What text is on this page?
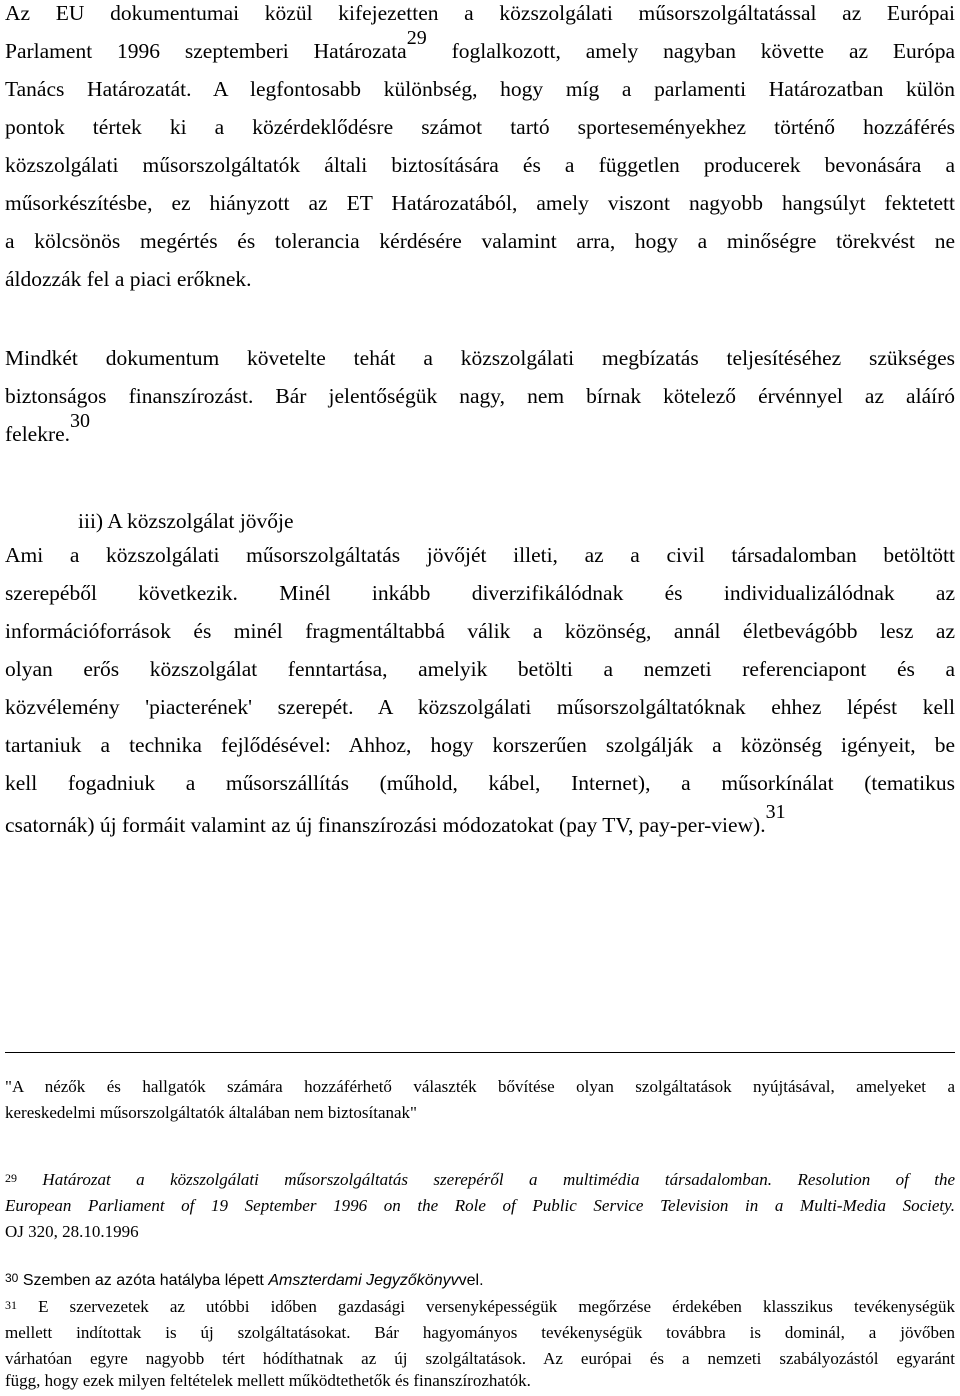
Az EU dokumentumai közül kifejezetten a közszolgálati műsorszolgáltatással az Európai
Parlament 1996 szeptemberi Határozata29 foglalkozott, amely nagyban követte az Európa
Tanács Határozatát. A legfontosabb különbség, hogy míg a parlamenti Határozatban külön
pontok tértek ki a közérdeklődésre számot tartó sporteseményekhez történő hozzáférés
közszolgálati műsorszolgáltatók általi biztosítására és a független producerek bevonására a
műsorkészítésbe, ez hiányzott az ET Határozatából, amely viszont nagyobb hangsúlyt fektetett
a kölcsönös megértés és tolerancia kérdésére valamint arra, hogy a minőségre törekvést ne
áldozzák fel a piaci erőknek.
Mindkét dokumentum követelte tehát a közszolgálati megbízatás teljesítéséhez szükséges
biztonságos finanszírozást. Bár jelentőségük nagy, nem bírnak kötelező érvénnyel az aláíró
felekre.30
iii) A közszolgálat jövője
Ami a közszolgálati műsorszolgáltatás jövőjét illeti, az a civil társadalomban betöltött
szerepéből következik. Minél inkább diverzifikálódnak és individualizálódnak az
információforrások és minél fragmentáltabbá válik a közönség, annál életbevágóbb lesz az
olyan erős közszolgálat fenntartása, amelyik betölti a nemzeti referenciapont és a
közvélemény 'piacterének' szerepét. A közszolgálati műsorszolgáltatóknak ehhez lépést kell
tartaniuk a technika fejlődésével: Ahhoz, hogy korszerűen szolgálják a közönség igényeit, be
kell fogadniuk a műsorszállítás (műhold, kábel, Internet), a műsorkínálat (tematikus
csatornák) új formáit valamint az új finanszírozási módozatokat (pay TV, pay-per-view).31
"A nézők és hallgatók számára hozzáférhető választék bővítése olyan szolgáltatások nyújtásával, amelyeket a
kereskedelmi műsorszolgáltatók általában nem biztosítanak"
29 Határozat a közszolgálati műsorszolgáltatás szerepéről a multimédia társadalomban. Resolution of the
European Parliament of 19 September 1996 on the Role of Public Service Television in a Multi-Media Society.
OJ 320, 28.10.1996
30 Szemben az azóta hatályba lépett Amszterdami Jegyzőkönyvvel.
31 E szervezetek az utóbbi időben gazdasági versenyképességük megőrzése érdekében klasszikus tevékenységük
mellett indítottak is új szolgáltatásokat. Bár hagyományos tevékenységük továbbra is dominál, a jövőben
várhatóan egyre nagyobb tért hódíthatnak az új szolgáltatások. Az európai és a nemzeti szabályozástól egyaránt
függ, hogy ezek milyen feltételek mellett működtethetők és finanszírozhatók.
